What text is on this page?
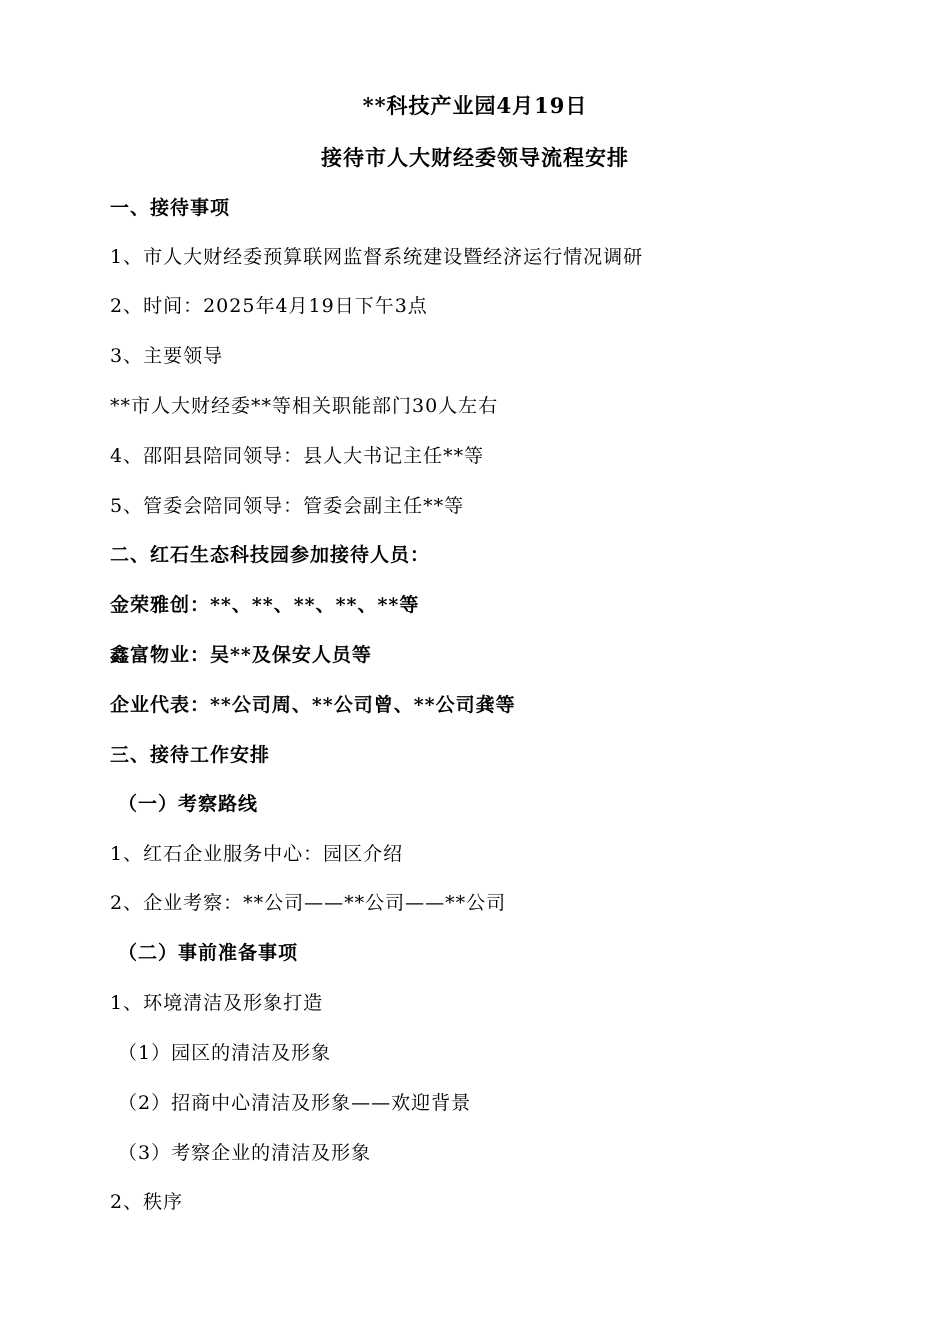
**科技产业园4月19日
接待市人大财经委领导流程安排
一、接待事项
1、市人大财经委预算联网监督系统建设暨经济运行情况调研
2、时间：2025年4月19日下午3点
3、主要领导
**市人大财经委**等相关职能部门30人左右
4、邵阳县陪同领导：县人大书记主任**等
5、管委会陪同领导：管委会副主任**等
二、红石生态科技园参加接待人员：
金荣雅创：**、**、**、**、**等
鑫富物业：吴**及保安人员等
企业代表：**公司周、**公司曾、**公司龚等
三、接待工作安排
（一）考察路线
1、红石企业服务中心：园区介绍
2、企业考察：**公司——**公司——**公司
（二）事前准备事项
1、环境清洁及形象打造
（1）园区的清洁及形象
（2）招商中心清洁及形象——欢迎背景
（3）考察企业的清洁及形象
2、秩序
